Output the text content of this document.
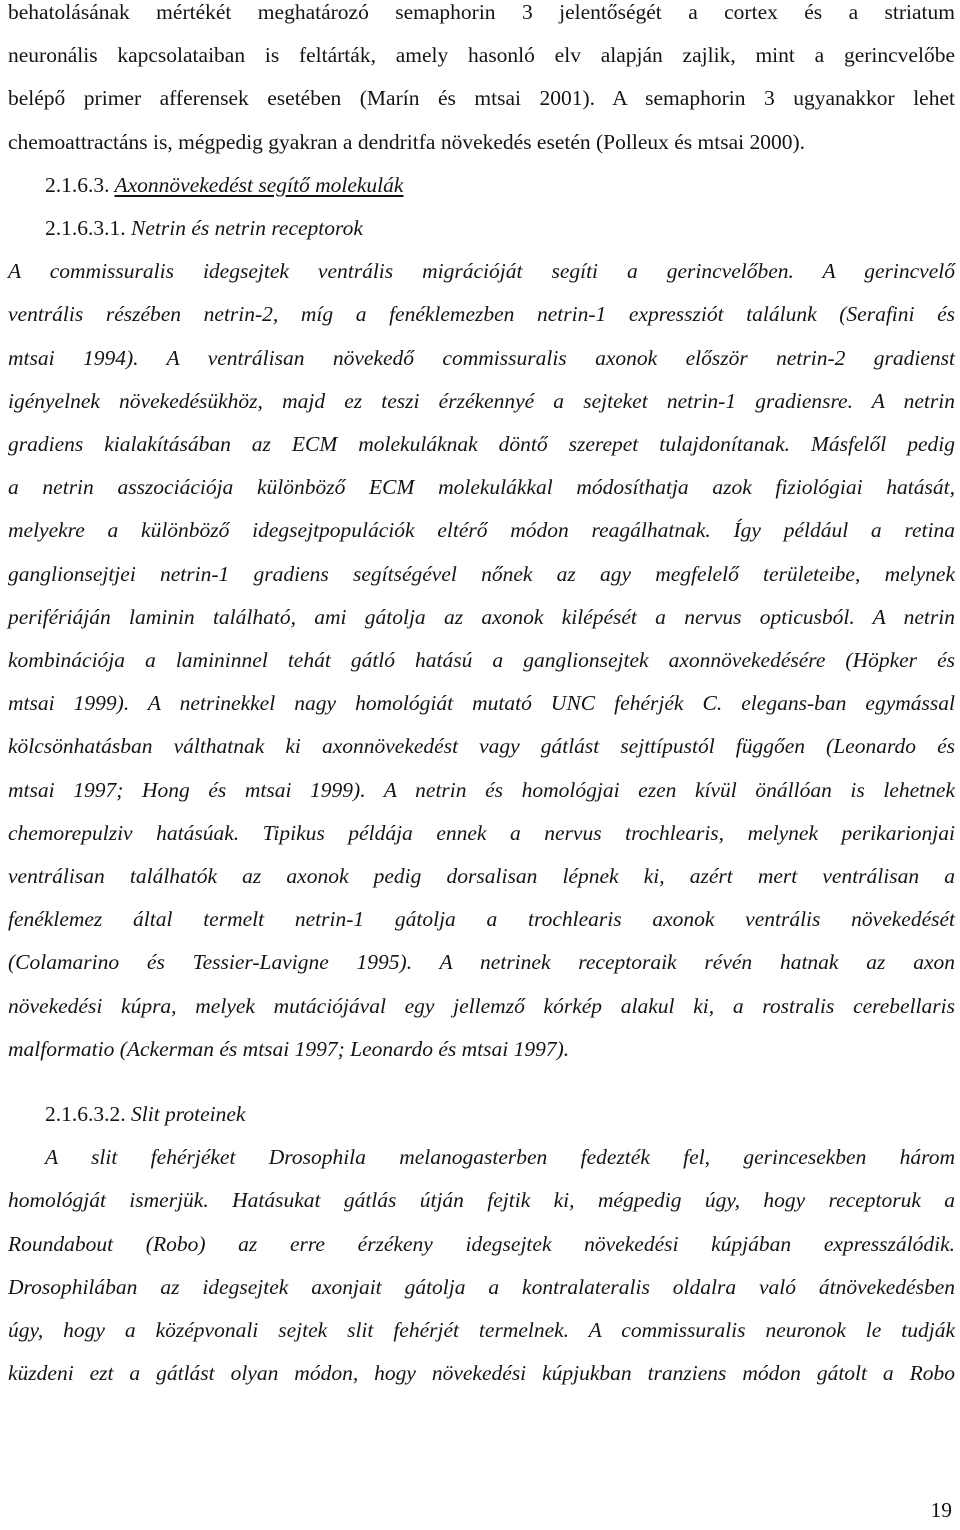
behatolásának mértékét meghatározó semaphorin 3 jelentőségét a cortex és a striatum
neuronális kapcsolataiban is feltárták, amely hasonló elv alapján zajlik, mint a gerincvelőbe
belépő primer afferensek esetében (Marín és mtsai 2001). A semaphorin 3 ugyanakkor lehet
chemoattractáns is, mégpedig gyakran a dendritfa növekedés esetén (Polleux és mtsai 2000).

2.1.6.3. Axonnövekedést segítő molekulák

2.1.6.3.1. Netrin és netrin receptorok

A commissuralis idegsejtek ventrális migrációját segíti a gerincvelőben. A gerincvelő
ventrális részében netrin-2, míg a fenéklemezben netrin-1 expressziót találunk (Serafini és
mtsai 1994). A ventrálisan növekedő commissuralis axonok először netrin-2 gradienst
igényelnek növekedésükhöz, majd ez teszi érzékennyé a sejteket netrin-1 gradiensre. A netrin
gradiens kialakításában az ECM molekuláknak döntő szerepet tulajdonítanak. Másfelől pedig
a netrin asszociációja különböző ECM molekulákkal módosíthatja azok fiziológiai hatását,
melyekre a különböző idegsejtpopulációk eltérő módon reagálhatnak. Így például a retina
ganglionsejtjei netrin-1 gradiens segítségével nőnek az agy megfelelő területeibe, melynek
perifériáján laminin található, ami gátolja az axonok kilépését a nervus opticusból. A netrin
kombinációja a lamininnel tehát gátló hatású a ganglionsejtek axonnövekedésére (Höpker és
mtsai 1999). A netrinekkel nagy homológiát mutató UNC fehérjék C. elegans-ban egymással
kölcsönhatásban válthatnak ki axonnövekedést vagy gátlást sejttípustól függően (Leonardo és
mtsai 1997; Hong és mtsai 1999). A netrin és homológjai ezen kívül önállóan is lehetnek
chemorepulziv hatásúak. Tipikus példája ennek a nervus trochlearis, melynek perikarionjai
ventrálisan találhatók az axonok pedig dorsalisan lépnek ki, azért mert ventrálisan a
fenéklemez által termelt netrin-1 gátolja a trochlearis axonok ventrális növekedését
(Colamarino és Tessier-Lavigne 1995). A netrinek receptoraik révén hatnak az axon
növekedési kúpra, melyek mutációjával egy jellemző kórkép alakul ki, a rostralis cerebellaris
malformatio (Ackerman és mtsai 1997; Leonardo és mtsai 1997).

2.1.6.3.2. Slit proteinek

A slit fehérjéket Drosophila melanogasterben fedezték fel, gerincesekben három
homológját ismerjük. Hatásukat gátlás útján fejtik ki, mégpedig úgy, hogy receptoruk a
Roundabout (Robo) az erre érzékeny idegsejtek növekedési kúpjában expresszálódik.
Drosophilában az idegsejtek axonjait gátolja a kontralateralis oldalra való átnövekedésben
úgy, hogy a középvonali sejtek slit fehérjét termelnek. A commissuralis neuronok le tudják
küzdeni ezt a gátlást olyan módon, hogy növekedési kúpjukban tranziens módon gátolt a Robo

19
